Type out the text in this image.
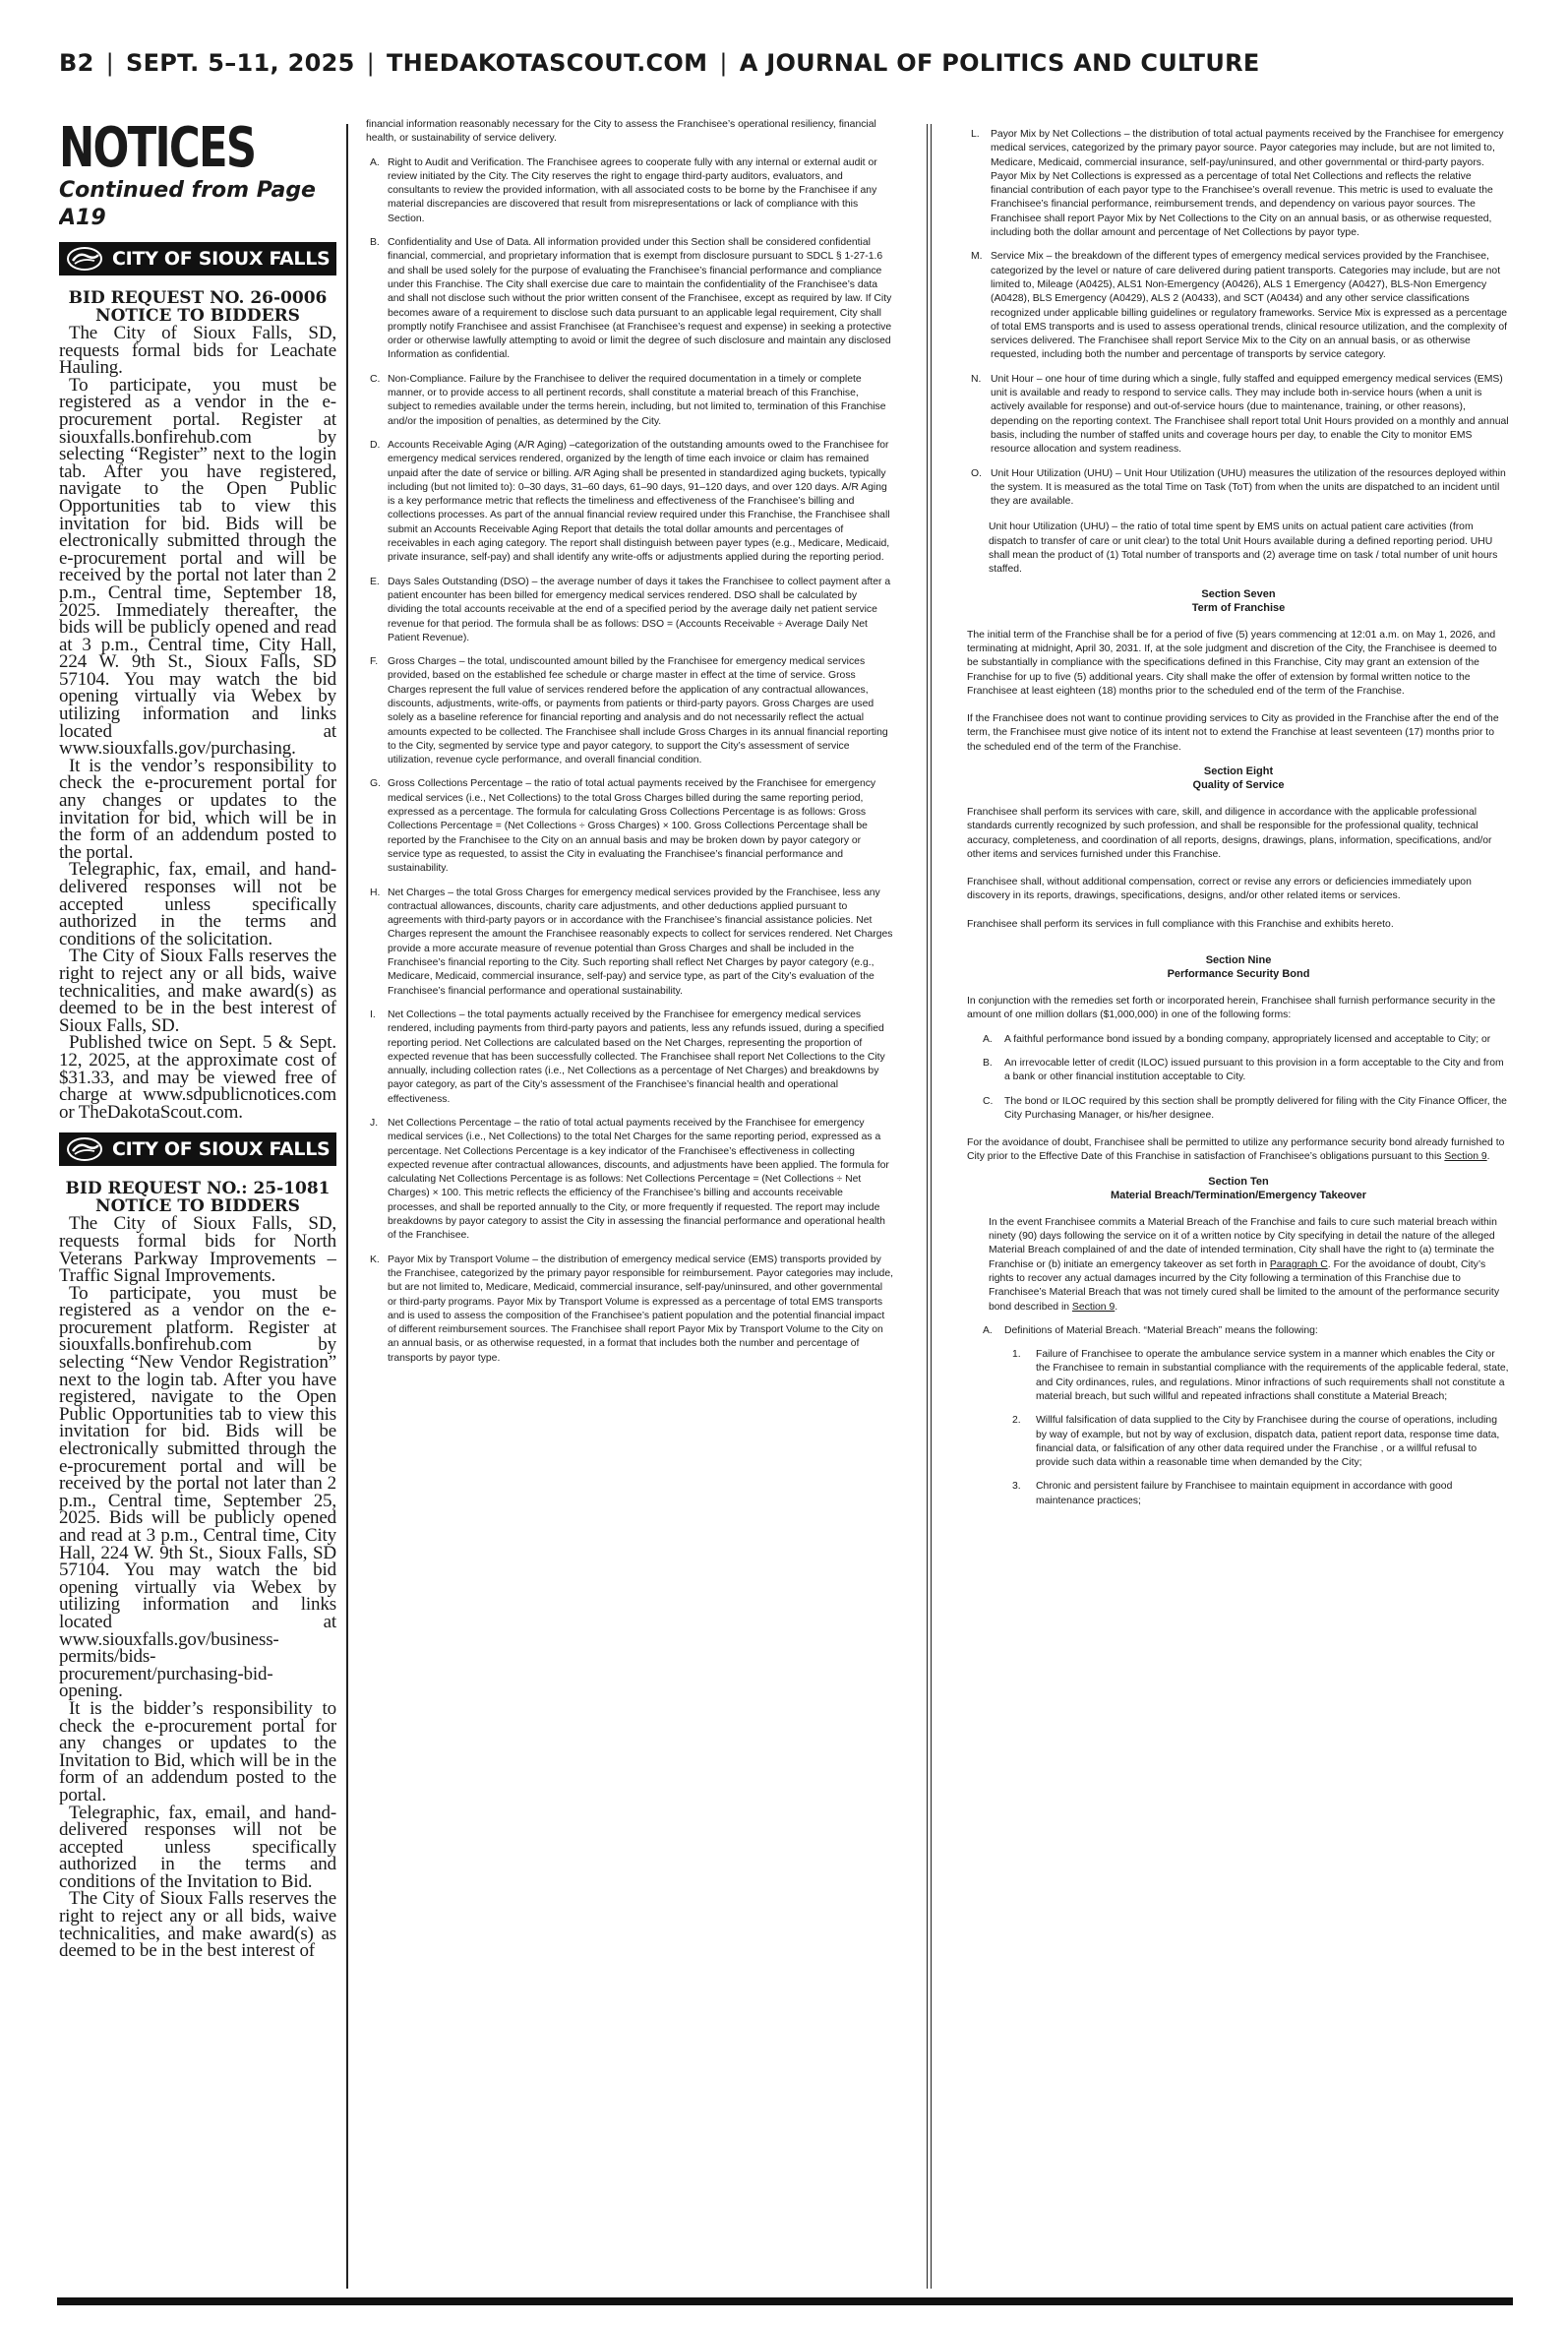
B2 | SEPT. 5–11, 2025 | THEDAKOTASCOUT.COM | A JOURNAL OF POLITICS AND CULTURE
NOTICES
Continued from Page A19
CITY OF SIOUX FALLS
BID REQUEST NO. 26-0006
NOTICE TO BIDDERS

The City of Sioux Falls, SD, requests formal bids for Leachate Hauling.

To participate, you must be registered as a vendor in the e-procurement portal. Register at siouxfalls.bonfirehub.com by selecting “Register” next to the login tab. After you have registered, navigate to the Open Public Opportunities tab to view this invitation for bid. Bids will be electronically submitted through the e-procurement portal and will be received by the portal not later than 2 p.m., Central time, September 18, 2025. Immediately thereafter, the bids will be publicly opened and read at 3 p.m., Central time, City Hall, 224 W. 9th St., Sioux Falls, SD 57104. You may watch the bid opening virtually via Webex by utilizing information and links located at www.siouxfalls.gov/purchasing.

It is the vendor’s responsibility to check the e-procurement portal for any changes or updates to the invitation for bid, which will be in the form of an addendum posted to the portal.

Telegraphic, fax, email, and hand-delivered responses will not be accepted unless specifically authorized in the terms and conditions of the solicitation.

The City of Sioux Falls reserves the right to reject any or all bids, waive technicalities, and make award(s) as deemed to be in the best interest of Sioux Falls, SD.

Published twice on Sept. 5 & Sept. 12, 2025, at the approximate cost of $31.33, and may be viewed free of charge at www.sdpublicnotices.com or TheDakotaScout.com.

CITY OF SIOUX FALLS
BID REQUEST NO.: 25-1081
NOTICE TO BIDDERS

The City of Sioux Falls, SD, requests formal bids for North Veterans Parkway Improvements – Traffic Signal Improvements.

To participate, you must be registered as a vendor on the e-procurement platform. Register at siouxfalls.bonfirehub.com by selecting “New Vendor Registration” next to the login tab. After you have registered, navigate to the Open Public Opportunities tab to view this invitation for bid. Bids will be electronically submitted through the e-procurement portal and will be received by the portal not later than 2 p.m., Central time, September 25, 2025. Bids will be publicly opened and read at 3 p.m., Central time, City Hall, 224 W. 9th St., Sioux Falls, SD 57104. You may watch the bid opening virtually via Webex by utilizing information and links located at www.siouxfalls.gov/business-permits/bids-procurement/purchasing-bid-opening.

It is the bidder’s responsibility to check the e-procurement portal for any changes or updates to the Invitation to Bid, which will be in the form of an addendum posted to the portal.

Telegraphic, fax, email, and hand-delivered responses will not be accepted unless specifically authorized in the terms and conditions of the Invitation to Bid.

The City of Sioux Falls reserves the right to reject any or all bids, waive technicalities, and make award(s) as deemed to be in the best interest of

financial information reasonably necessary for the City to assess the Franchisee’s operational resiliency, financial health, or sustainability of service delivery.

A. Right to Audit and Verification. The Franchisee agrees to cooperate fully with any internal or external audit or review initiated by the City. The City reserves the right to engage third-party auditors, evaluators, and consultants to review the provided information, with all associated costs to be borne by the Franchisee if any material discrepancies are discovered that result from misrepresentations or lack of compliance with this Section.

B. Confidentiality and Use of Data. All information provided under this Section shall be considered confidential financial, commercial, and proprietary information that is exempt from disclosure pursuant to SDCL § 1-27-1.6 and shall be used solely for the purpose of evaluating the Franchisee’s financial performance and compliance under this Franchise. The City shall exercise due care to maintain the confidentiality of the Franchisee’s data and shall not disclose such without the prior written consent of the Franchisee, except as required by law. If City becomes aware of a requirement to disclose such data pursuant to an applicable legal requirement, City shall promptly notify Franchisee and assist Franchisee (at Franchisee’s request and expense) in seeking a protective order or otherwise lawfully attempting to avoid or limit the degree of such disclosure and maintain any disclosed Information as confidential.

C. Non-Compliance. Failure by the Franchisee to deliver the required documentation in a timely or complete manner, or to provide access to all pertinent records, shall constitute a material breach of this Franchise, subject to remedies available under the terms herein, including, but not limited to, termination of this Franchise and/or the imposition of penalties, as determined by the City.

D. Accounts Receivable Aging (A/R Aging) –categorization of the outstanding amounts owed to the Franchisee for emergency medical services rendered, organized by the length of time each invoice or claim has remained unpaid after the date of service or billing. A/R Aging shall be presented in standardized aging buckets, typically including (but not limited to): 0–30 days, 31–60 days, 61–90 days, 91–120 days, and over 120 days. A/R Aging is a key performance metric that reflects the timeliness and effectiveness of the Franchisee’s billing and collections processes. As part of the annual financial review required under this Franchise, the Franchisee shall submit an Accounts Receivable Aging Report that details the total dollar amounts and percentages of receivables in each aging category. The report shall distinguish between payer types (e.g., Medicare, Medicaid, private insurance, self-pay) and shall identify any write-offs or adjustments applied during the reporting period.

E. Days Sales Outstanding (DSO) – the average number of days it takes the Franchisee to collect payment after a patient encounter has been billed for emergency medical services rendered. DSO shall be calculated by dividing the total accounts receivable at the end of a specified period by the average daily net patient service revenue for that period. The formula shall be as follows: DSO = (Accounts Receivable ÷ Average Daily Net Patient Revenue).

F. Gross Charges – the total, undiscounted amount billed by the Franchisee for emergency medical services provided, based on the established fee schedule or charge master in effect at the time of service. Gross Charges represent the full value of services rendered before the application of any contractual allowances, discounts, adjustments, write-offs, or payments from patients or third-party payors. Gross Charges are used solely as a baseline reference for financial reporting and analysis and do not necessarily reflect the actual amounts expected to be collected. The Franchisee shall include Gross Charges in its annual financial reporting to the City, segmented by service type and payor category, to support the City’s assessment of service utilization, revenue cycle performance, and overall financial condition.

G. Gross Collections Percentage – the ratio of total actual payments received by the Franchisee for emergency medical services (i.e., Net Collections) to the total Gross Charges billed during the same reporting period, expressed as a percentage. The formula for calculating Gross Collections Percentage is as follows: Gross Collections Percentage = (Net Collections ÷ Gross Charges) × 100. Gross Collections Percentage shall be reported by the Franchisee to the City on an annual basis and may be broken down by payor category or service type as requested, to assist the City in evaluating the Franchisee’s financial performance and sustainability.

H. Net Charges – the total Gross Charges for emergency medical services provided by the Franchisee, less any contractual allowances, discounts, charity care adjustments, and other deductions applied pursuant to agreements with third-party payors or in accordance with the Franchisee’s financial assistance policies. Net Charges represent the amount the Franchisee reasonably expects to collect for services rendered. Net Charges provide a more accurate measure of revenue potential than Gross Charges and shall be included in the Franchisee’s financial reporting to the City. Such reporting shall reflect Net Charges by payor category (e.g., Medicare, Medicaid, commercial insurance, self-pay) and service type, as part of the City’s evaluation of the Franchisee’s financial performance and operational sustainability.

I. Net Collections – the total payments actually received by the Franchisee for emergency medical services rendered, including payments from third-party payors and patients, less any refunds issued, during a specified reporting period. Net Collections are calculated based on the Net Charges, representing the proportion of expected revenue that has been successfully collected. The Franchisee shall report Net Collections to the City annually, including collection rates (i.e., Net Collections as a percentage of Net Charges) and breakdowns by payor category, as part of the City’s assessment of the Franchisee’s financial health and operational effectiveness.

J. Net Collections Percentage – the ratio of total actual payments received by the Franchisee for emergency medical services (i.e., Net Collections) to the total Net Charges for the same reporting period, expressed as a percentage. Net Collections Percentage is a key indicator of the Franchisee’s effectiveness in collecting expected revenue after contractual allowances, discounts, and adjustments have been applied. The formula for calculating Net Collections Percentage is as follows: Net Collections Percentage = (Net Collections ÷ Net Charges) × 100. This metric reflects the efficiency of the Franchisee’s billing and accounts receivable processes, and shall be reported annually to the City, or more frequently if requested. The report may include breakdowns by payor category to assist the City in assessing the financial performance and operational health of the Franchisee.

K. Payor Mix by Transport Volume – the distribution of emergency medical service (EMS) transports provided by the Franchisee, categorized by the primary payor responsible for reimbursement. Payor categories may include, but are not limited to, Medicare, Medicaid, commercial insurance, self-pay/uninsured, and other governmental or third-party programs. Payor Mix by Transport Volume is expressed as a percentage of total EMS transports and is used to assess the composition of the Franchisee’s patient population and the potential financial impact of different reimbursement sources. The Franchisee shall report Payor Mix by Transport Volume to the City on an annual basis, or as otherwise requested, in a format that includes both the number and percentage of transports by payor type.

L. Payor Mix by Net Collections – the distribution of total actual payments received by the Franchisee for emergency medical services, categorized by the primary payor source. Payor categories may include, but are not limited to, Medicare, Medicaid, commercial insurance, self-pay/uninsured, and other governmental or third-party payors. Payor Mix by Net Collections is expressed as a percentage of total Net Collections and reflects the relative financial contribution of each payor type to the Franchisee’s overall revenue. This metric is used to evaluate the Franchisee’s financial performance, reimbursement trends, and dependency on various payor sources. The Franchisee shall report Payor Mix by Net Collections to the City on an annual basis, or as otherwise requested, including both the dollar amount and percentage of Net Collections by payor type.

M. Service Mix – the breakdown of the different types of emergency medical services provided by the Franchisee, categorized by the level or nature of care delivered during patient transports. Categories may include, but are not limited to, Mileage (A0425), ALS1 Non-Emergency (A0426), ALS 1 Emergency (A0427), BLS-Non Emergency (A0428), BLS Emergency (A0429), ALS 2 (A0433), and SCT (A0434) and any other service classifications recognized under applicable billing guidelines or regulatory frameworks. Service Mix is expressed as a percentage of total EMS transports and is used to assess operational trends, clinical resource utilization, and the complexity of services delivered. The Franchisee shall report Service Mix to the City on an annual basis, or as otherwise requested, including both the number and percentage of transports by service category.

N. Unit Hour – one hour of time during which a single, fully staffed and equipped emergency medical services (EMS) unit is available and ready to respond to service calls. They may include both in-service hours (when a unit is actively available for response) and out-of-service hours (due to maintenance, training, or other reasons), depending on the reporting context. The Franchisee shall report total Unit Hours provided on a monthly and annual basis, including the number of staffed units and coverage hours per day, to enable the City to monitor EMS resource allocation and system readiness.

O. Unit Hour Utilization (UHU) – Unit Hour Utilization (UHU) measures the utilization of the resources deployed within the system. It is measured as the total Time on Task (ToT) from when the units are dispatched to an incident until they are available.

Unit hour Utilization (UHU) – the ratio of total time spent by EMS units on actual patient care activities (from dispatch to transfer of care or unit clear) to the total Unit Hours available during a defined reporting period. UHU shall mean the product of (1) Total number of transports and (2) average time on task / total number of unit hours staffed.

Section Seven
Term of Franchise

The initial term of the Franchise shall be for a period of five (5) years commencing at 12:01 a.m. on May 1, 2026, and terminating at midnight, April 30, 2031. If, at the sole judgment and discretion of the City, the Franchisee is deemed to be substantially in compliance with the specifications defined in this Franchise, City may grant an extension of the Franchise for up to five (5) additional years. City shall make the offer of extension by formal written notice to the Franchisee at least eighteen (18) months prior to the scheduled end of the term of the Franchise.

If the Franchisee does not want to continue providing services to City as provided in the Franchise after the end of the term, the Franchisee must give notice of its intent not to extend the Franchise at least seventeen (17) months prior to the scheduled end of the term of the Franchise.

Section Eight
Quality of Service

Franchisee shall perform its services with care, skill, and diligence in accordance with the applicable professional standards currently recognized by such profession, and shall be responsible for the professional quality, technical accuracy, completeness, and coordination of all reports, designs, drawings, plans, information, specifications, and/or other items and services furnished under this Franchise.

Franchisee shall, without additional compensation, correct or revise any errors or deficiencies immediately upon discovery in its reports, drawings, specifications, designs, and/or other related items or services.

Franchisee shall perform its services in full compliance with this Franchise and exhibits hereto.

Section Nine
Performance Security Bond

In conjunction with the remedies set forth or incorporated herein, Franchisee shall furnish performance security in the amount of one million dollars ($1,000,000) in one of the following forms:

A. A faithful performance bond issued by a bonding company, appropriately licensed and acceptable to City; or

B. An irrevocable letter of credit (ILOC) issued pursuant to this provision in a form acceptable to the City and from a bank or other financial institution acceptable to City.

C. The bond or ILOC required by this section shall be promptly delivered for filing with the City Finance Officer, the City Purchasing Manager, or his/her designee.

For the avoidance of doubt, Franchisee shall be permitted to utilize any performance security bond already furnished to City prior to the Effective Date of this Franchise in satisfaction of Franchisee’s obligations pursuant to this Section 9.

Section Ten
Material Breach/Termination/Emergency Takeover

In the event Franchisee commits a Material Breach of the Franchise and fails to cure such material breach within ninety (90) days following the service on it of a written notice by City specifying in detail the nature of the alleged Material Breach complained of and the date of intended termination, City shall have the right to (a) terminate the Franchise or (b) initiate an emergency takeover as set forth in Paragraph C. For the avoidance of doubt, City’s rights to recover any actual damages incurred by the City following a termination of this Franchise due to Franchisee’s Material Breach that was not timely cured shall be limited to the amount of the performance security bond described in Section 9.

A. Definitions of Material Breach. “Material Breach” means the following:

1. Failure of Franchisee to operate the ambulance service system in a manner which enables the City or the Franchisee to remain in substantial compliance with the requirements of the applicable federal, state, and City ordinances, rules, and regulations. Minor infractions of such requirements shall not constitute a material breach, but such willful and repeated infractions shall constitute a Material Breach;

2. Willful falsification of data supplied to the City by Franchisee during the course of operations, including by way of example, but not by way of exclusion, dispatch data, patient report data, response time data, financial data, or falsification of any other data required under the Franchise , or a willful refusal to provide such data within a reasonable time when demanded by the City;

3. Chronic and persistent failure by Franchisee to maintain equipment in accordance with good maintenance practices;
